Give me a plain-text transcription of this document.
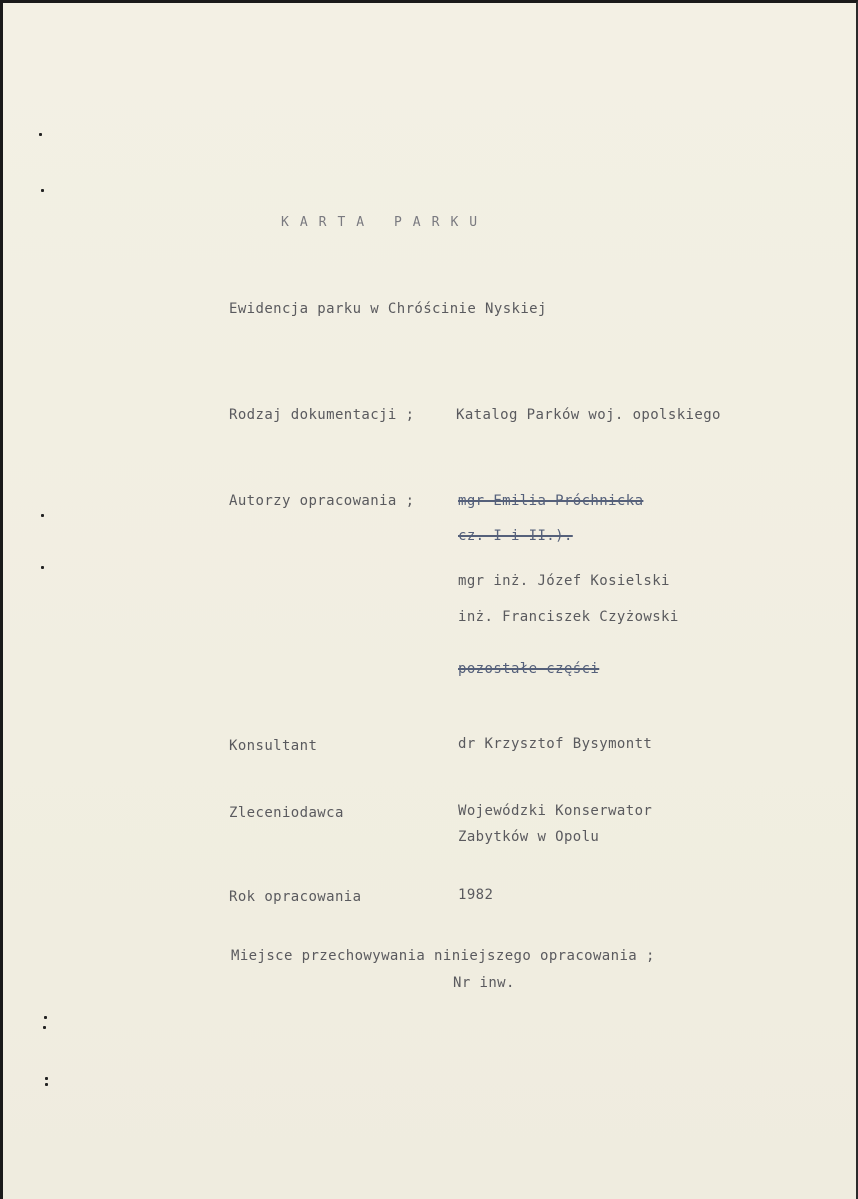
KARTA PARKU
Ewidencja parku w Chróścinie Nyskiej
Rodzaj dokumentacji ;	Katalog Parków woj. opolskiego
Autorzy opracowania ;	mgr Emilia Próchnicka
cz. I i II.).
mgr inż. Józef Kosielski
inż. Franciszek Czyżowski
pozostałe części
Konsultant	dr Krzysztof Bysymontt
Zleceniodawca	Wojewódzki Konserwator
Zabytków w Opolu
Rok opracowania	1982
Miejsce przechowywania niniejszego opracowania ;
Nr inw.
